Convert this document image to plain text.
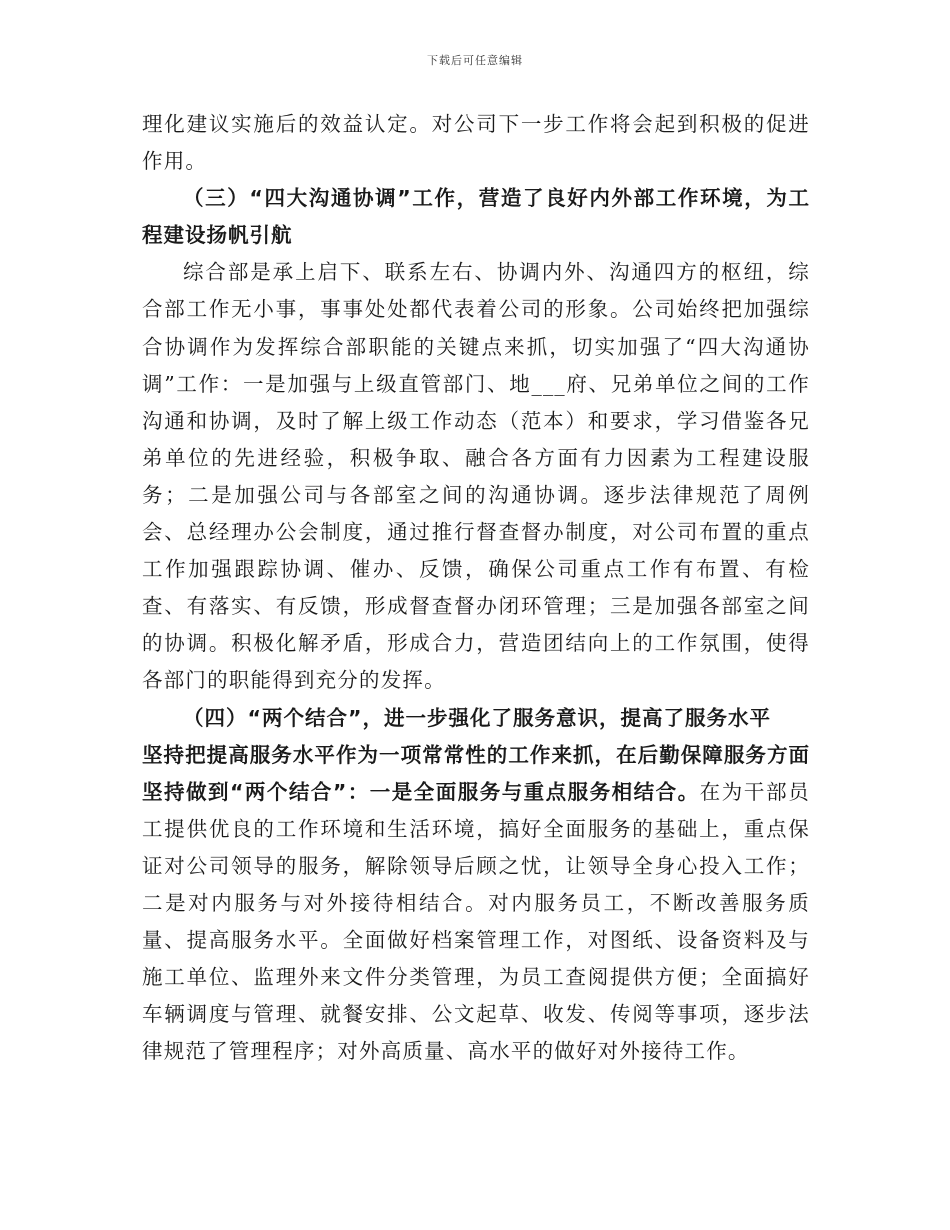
下载后可任意编辑

理化建议实施后的效益认定。对公司下一步工作将会起到积极的促进作用。

（三）“四大沟通协调”工作，营造了良好内外部工作环境，为工程建设扬帆引航

综合部是承上启下、联系左右、协调内外、沟通四方的枢纽，综合部工作无小事，事事处处都代表着公司的形象。公司始终把加强综合协调作为发挥综合部职能的关键点来抓，切实加强了“四大沟通协调”工作：一是加强与上级直管部门、地___府、兄弟单位之间的工作沟通和协调，及时了解上级工作动态（范本）和要求，学习借鉴各兄弟单位的先进经验，积极争取、融合各方面有力因素为工程建设服务；二是加强公司与各部室之间的沟通协调。逐步法律规范了周例会、总经理办公会制度，通过推行督查督办制度，对公司布置的重点工作加强跟踪协调、催办、反馈，确保公司重点工作有布置、有检查、有落实、有反馈，形成督查督办闭环管理；三是加强各部室之间的协调。积极化解矛盾，形成合力，营造团结向上的工作氛围，使得各部门的职能得到充分的发挥。

（四）“两个结合”，进一步强化了服务意识，提高了服务水平

坚持把提高服务水平作为一项常常性的工作来抓，在后勤保障服务方面坚持做到“两个结合”：一是全面服务与重点服务相结合。在为干部员工提供优良的工作环境和生活环境，搞好全面服务的基础上，重点保证对公司领导的服务，解除领导后顾之忧，让领导全身心投入工作；二是对内服务与对外接待相结合。对内服务员工，不断改善服务质量、提高服务水平。全面做好档案管理工作，对图纸、设备资料及与施工单位、监理外来文件分类管理，为员工查阅提供方便；全面搞好车辆调度与管理、就餐安排、公文起草、收发、传阅等事项，逐步法律规范了管理程序；对外高质量、高水平的做好对外接待工作。
